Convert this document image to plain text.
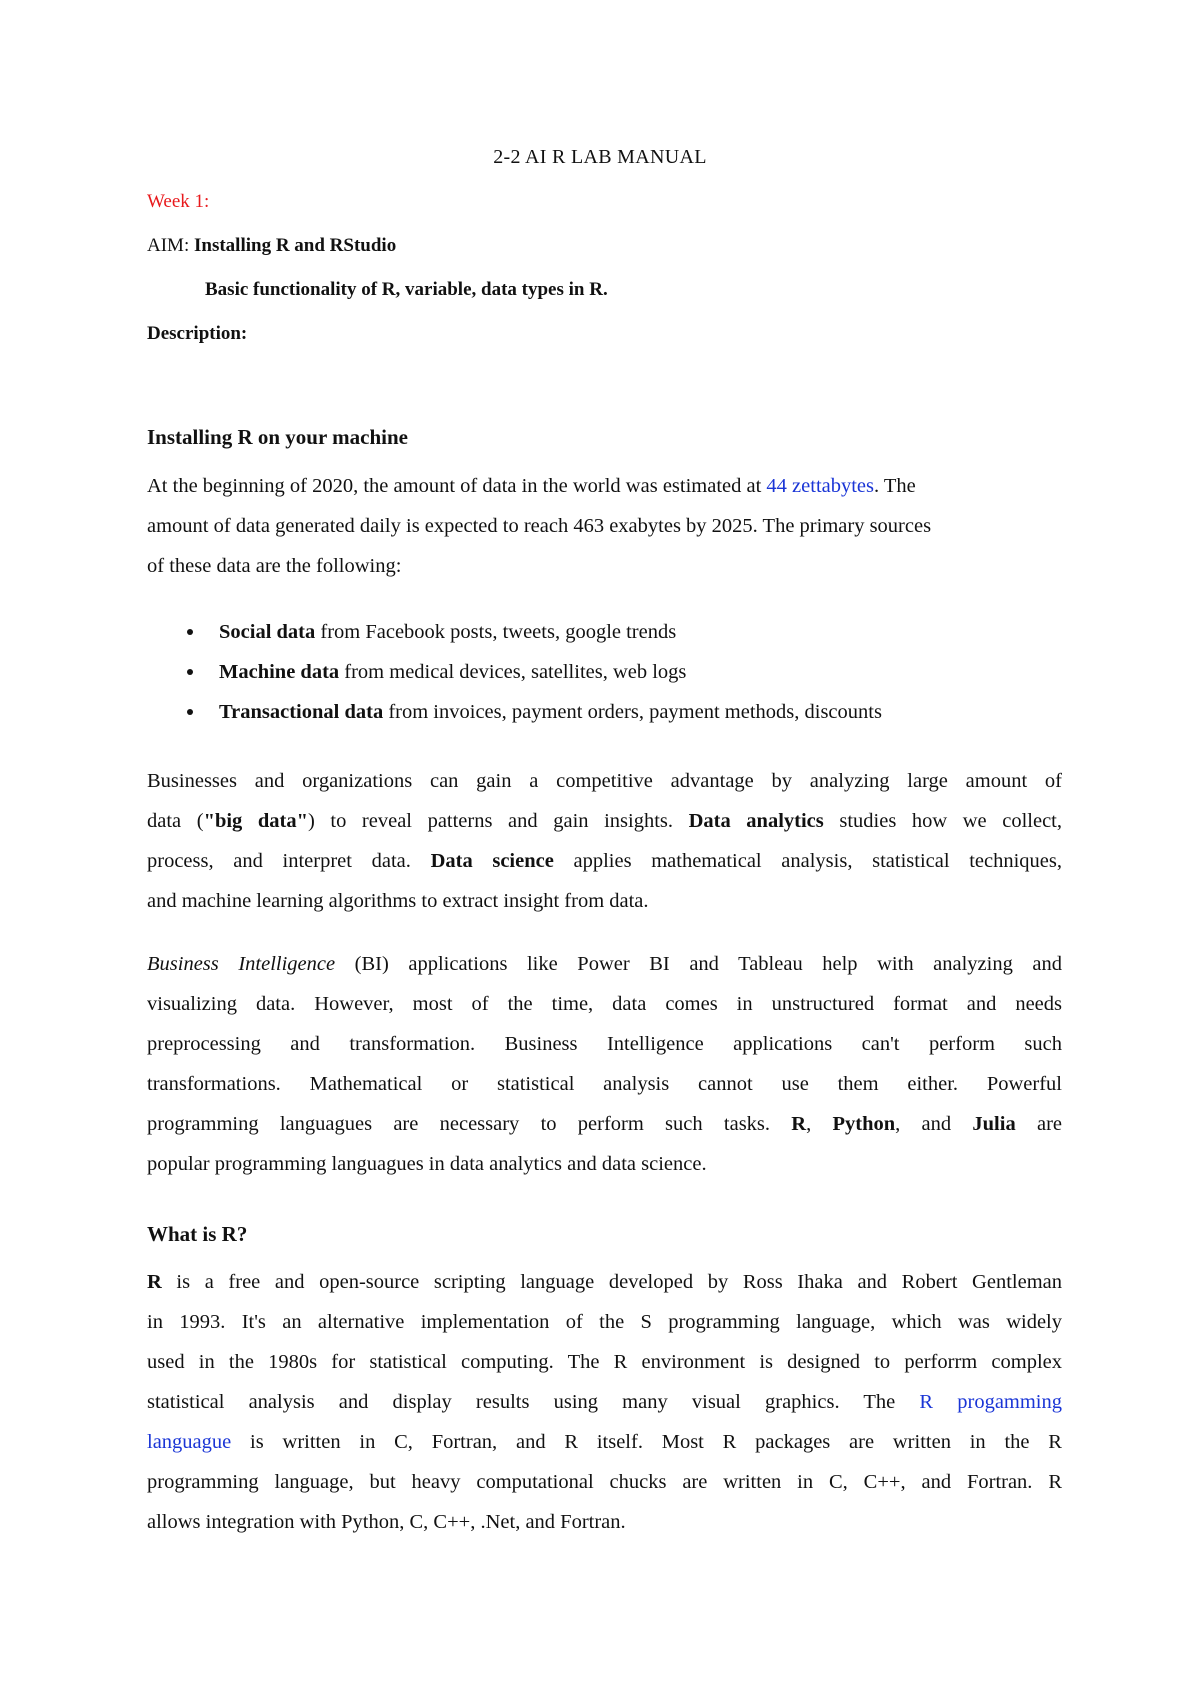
2-2 AI R LAB MANUAL
Week 1:
AIM: Installing R and RStudio
Basic functionality of R, variable, data types in R.
Description:
Installing R on your machine
At the beginning of 2020, the amount of data in the world was estimated at 44 zettabytes. The
amount of data generated daily is expected to reach 463 exabytes by 2025. The primary sources
of these data are the following:
Social data from Facebook posts, tweets, google trends
Machine data from medical devices, satellites, web logs
Transactional data from invoices, payment orders, payment methods, discounts
Businesses and organizations can gain a competitive advantage by analyzing large amount of
data ("big data") to reveal patterns and gain insights. Data analytics studies how we collect,
process, and interpret data. Data science applies mathematical analysis, statistical techniques,
and machine learning algorithms to extract insight from data.
Business Intelligence (BI) applications like Power BI and Tableau help with analyzing and
visualizing data. However, most of the time, data comes in unstructured format and needs
preprocessing and transformation. Business Intelligence applications can't perform such
transformations. Mathematical or statistical analysis cannot use them either. Powerful
programming languagues are necessary to perform such tasks. R, Python, and Julia are
popular programming languagues in data analytics and data science.
What is R?
R is a free and open-source scripting language developed by Ross Ihaka and Robert Gentleman
in 1993. It's an alternative implementation of the S programming language, which was widely
used in the 1980s for statistical computing. The R environment is designed to perforrm complex
statistical analysis and display results using many visual graphics. The R progamming
languague is written in C, Fortran, and R itself. Most R packages are written in the R
programming language, but heavy computational chucks are written in C, C++, and Fortran. R
allows integration with Python, C, C++, .Net, and Fortran.
